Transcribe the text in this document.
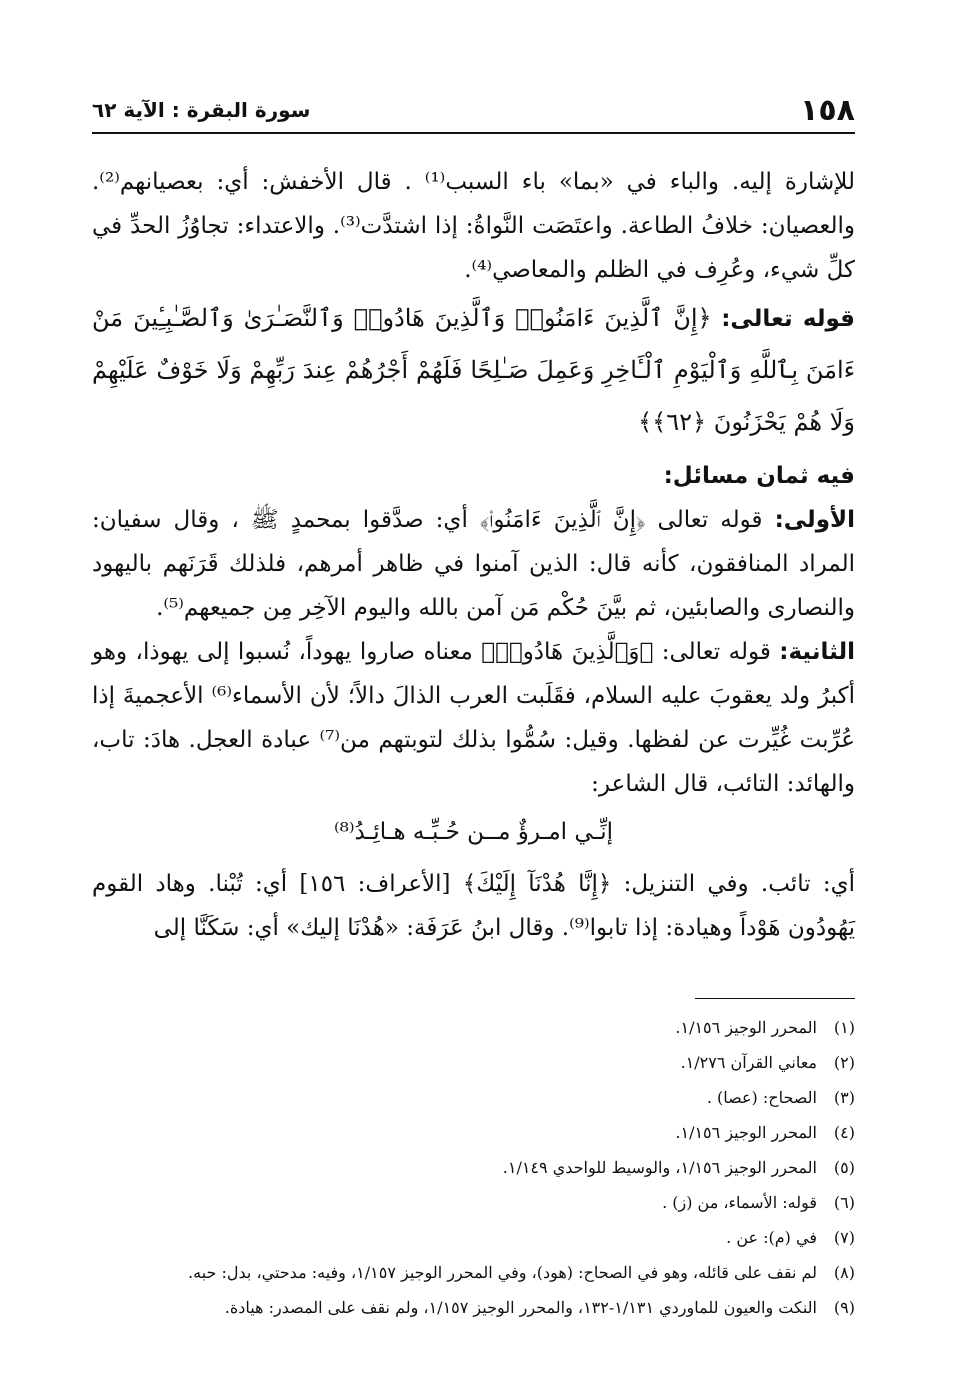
١٥٨
سورة البقرة : الآية ٦٢

للإشارة إليه. والباء في «بما» باء السبب⁽¹⁾ . قال الأخفش: أي: بعصيانهم⁽²⁾. والعصيان: خلافُ الطاعة. واعتَصَت النَّواةُ: إذا اشتدَّت⁽³⁾. والاعتداء: تجاوُزُ الحدِّ في كلِّ شيء، وعُرِف في الظلم والمعاصي⁽⁴⁾.

قوله تعالى: ﴿إِنَّ ٱلَّذِينَ ءَامَنُوا۟ وَٱلَّذِينَ هَادُوا۟ وَٱلنَّصَـٰرَىٰ وَٱلصَّـٰبِـِٔينَ مَنْ ءَامَنَ بِٱللَّهِ وَٱلْيَوْمِ ٱلْـَٔاخِرِ وَعَمِلَ صَـٰلِحًا فَلَهُمْ أَجْرُهُمْ عِندَ رَبِّهِمْ وَلَا خَوْفٌ عَلَيْهِمْ وَلَا هُمْ يَحْزَنُونَ ﴿٦٢﴾﴾

فيه ثمان مسائل:

الأولى: قوله تعالى ﴿إِنَّ ٱلَّذِينَ ءَامَنُوا۟﴾ أي: صدَّقوا بمحمدٍ ﷺ ، وقال سفيان: المراد المنافقون، كأنه قال: الذين آمنوا في ظاهر أمرهم، فلذلك قَرَنَهم باليهود والنصارى والصابئين، ثم بيَّنَ حُكْم مَن آمن بالله واليوم الآخِر مِن جميعهم⁽⁵⁾.

الثانية: قوله تعالى: ﴿وَٱلَّذِينَ هَادُوا۟﴾ معناه صاروا يهوداً، نُسبوا إلى يهوذا، وهو أكبرُ ولد يعقوبَ عليه السلام، فقَلَبت العرب الذالَ دالاً؛ لأن الأسماء⁽⁶⁾ الأعجميةَ إذا عُرِّبت غُيِّرت عن لفظها. وقيل: سُمُّوا بذلك لتوبتهم من⁽⁷⁾ عبادة العجل. هادَ: تاب، والهائد: التائب، قال الشاعر:

إنِّـي امـرؤٌ مــن حُـبِّـه هـائِـدُ⁽⁸⁾

أي: تائب. وفي التنزيل: ﴿إِنَّا هُدْنَآ إِلَيْكَ﴾ [الأعراف: ١٥٦] أي: تُبْنا. وهاد القوم يَهُودُون هَوْداً وهيادة: إذا تابوا⁽⁹⁾. وقال ابنُ عَرَفَة: «هُدْنَا إليك» أي: سَكَنَّا إلى

(١)
المحرر الوجيز ١/١٥٦.
(٢)
معاني القرآن ١/٢٧٦.
(٣)
الصحاح: (عصا) .
(٤)
المحرر الوجيز ١/١٥٦.
(٥)
المحرر الوجيز ١/١٥٦، والوسيط للواحدي ١/١٤٩.
(٦)
قوله: الأسماء، من (ز) .
(٧)
في (م): عن .
(٨)
لم نقف على قائله، وهو في الصحاح: (هود)، وفي المحرر الوجيز ١/١٥٧، وفيه: مدحتي، بدل: حبه.
(٩)
النكت والعيون للماوردي ١/١٣١-١٣٢، والمحرر الوجيز ١/١٥٧، ولم نقف على المصدر: هيادة.
